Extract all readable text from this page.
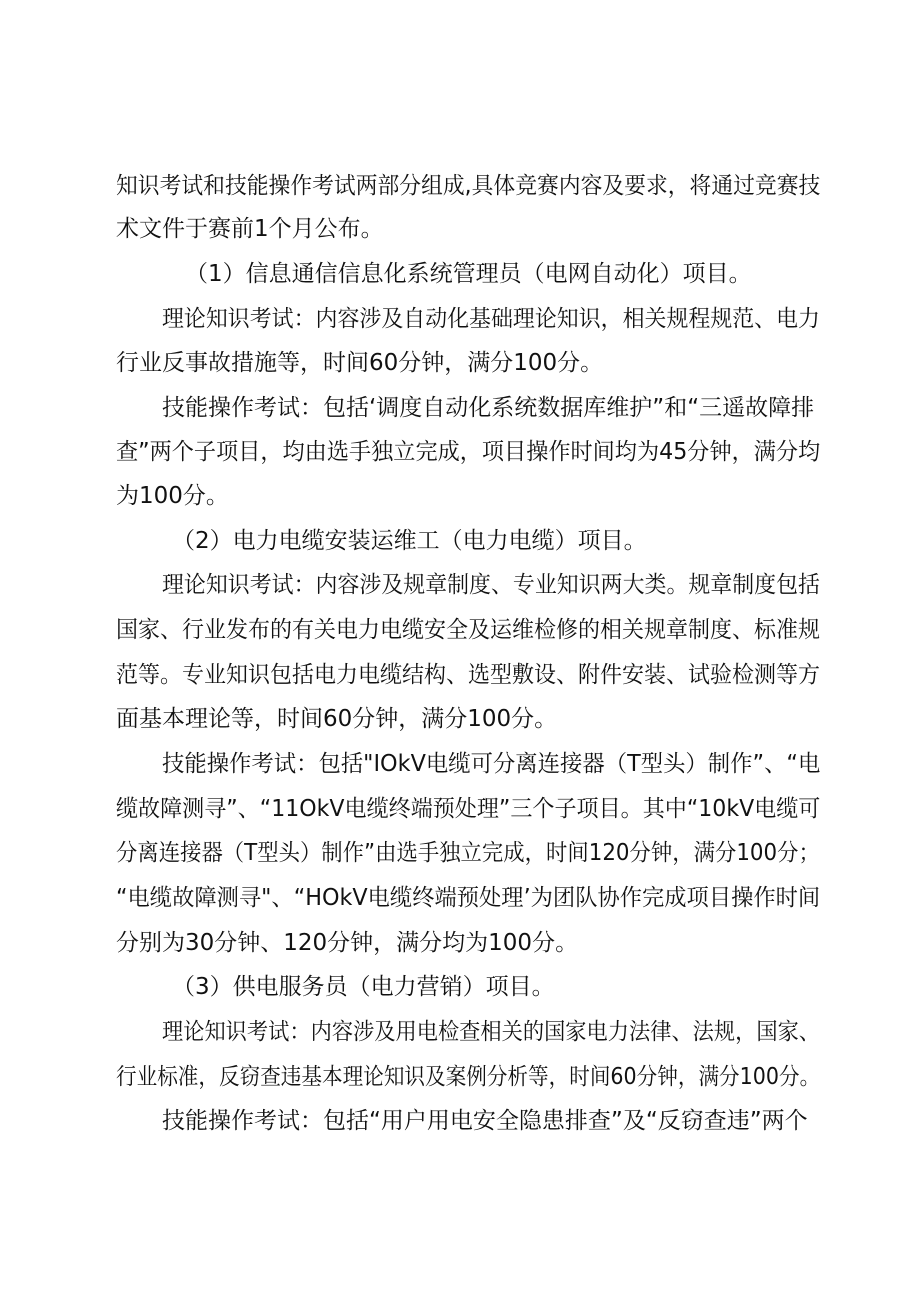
知识考试和技能操作考试两部分组成,具体竞赛内容及要求，将通过竞赛技
术文件于赛前1个月公布。
（1）信息通信信息化系统管理员（电网自动化）项目。
理论知识考试：内容涉及自动化基础理论知识，相关规程规范、电力
行业反事故措施等，时间60分钟，满分100分。
技能操作考试：包括‘调度自动化系统数据库维护”和“三遥故障排
查”两个子项目，均由选手独立完成，项目操作时间均为45分钟，满分均
为100分。
（2）电力电缆安装运维工（电力电缆）项目。
理论知识考试：内容涉及规章制度、专业知识两大类。规章制度包括
国家、行业发布的有关电力电缆安全及运维检修的相关规章制度、标准规
范等。专业知识包括电力电缆结构、选型敷设、附件安装、试验检测等方
面基本理论等，时间60分钟，满分100分。
技能操作考试：包括"IOkV电缆可分离连接器（T型头）制作”、“电
缆故障测寻”、“11OkV电缆终端预处理”三个子项目。其中“10kV电缆可
分离连接器（T型头）制作”由选手独立完成，时间120分钟，满分100分；
“电缆故障测寻"、“HOkV电缆终端预处理’为团队协作完成项目操作时间
分别为30分钟、120分钟，满分均为100分。
（3）供电服务员（电力营销）项目。
理论知识考试：内容涉及用电检查相关的国家电力法律、法规，国家、
行业标准，反窃查违基本理论知识及案例分析等，时间60分钟，满分100分。
技能操作考试：包括“用户用电安全隐患排查”及“反窃查违”两个
